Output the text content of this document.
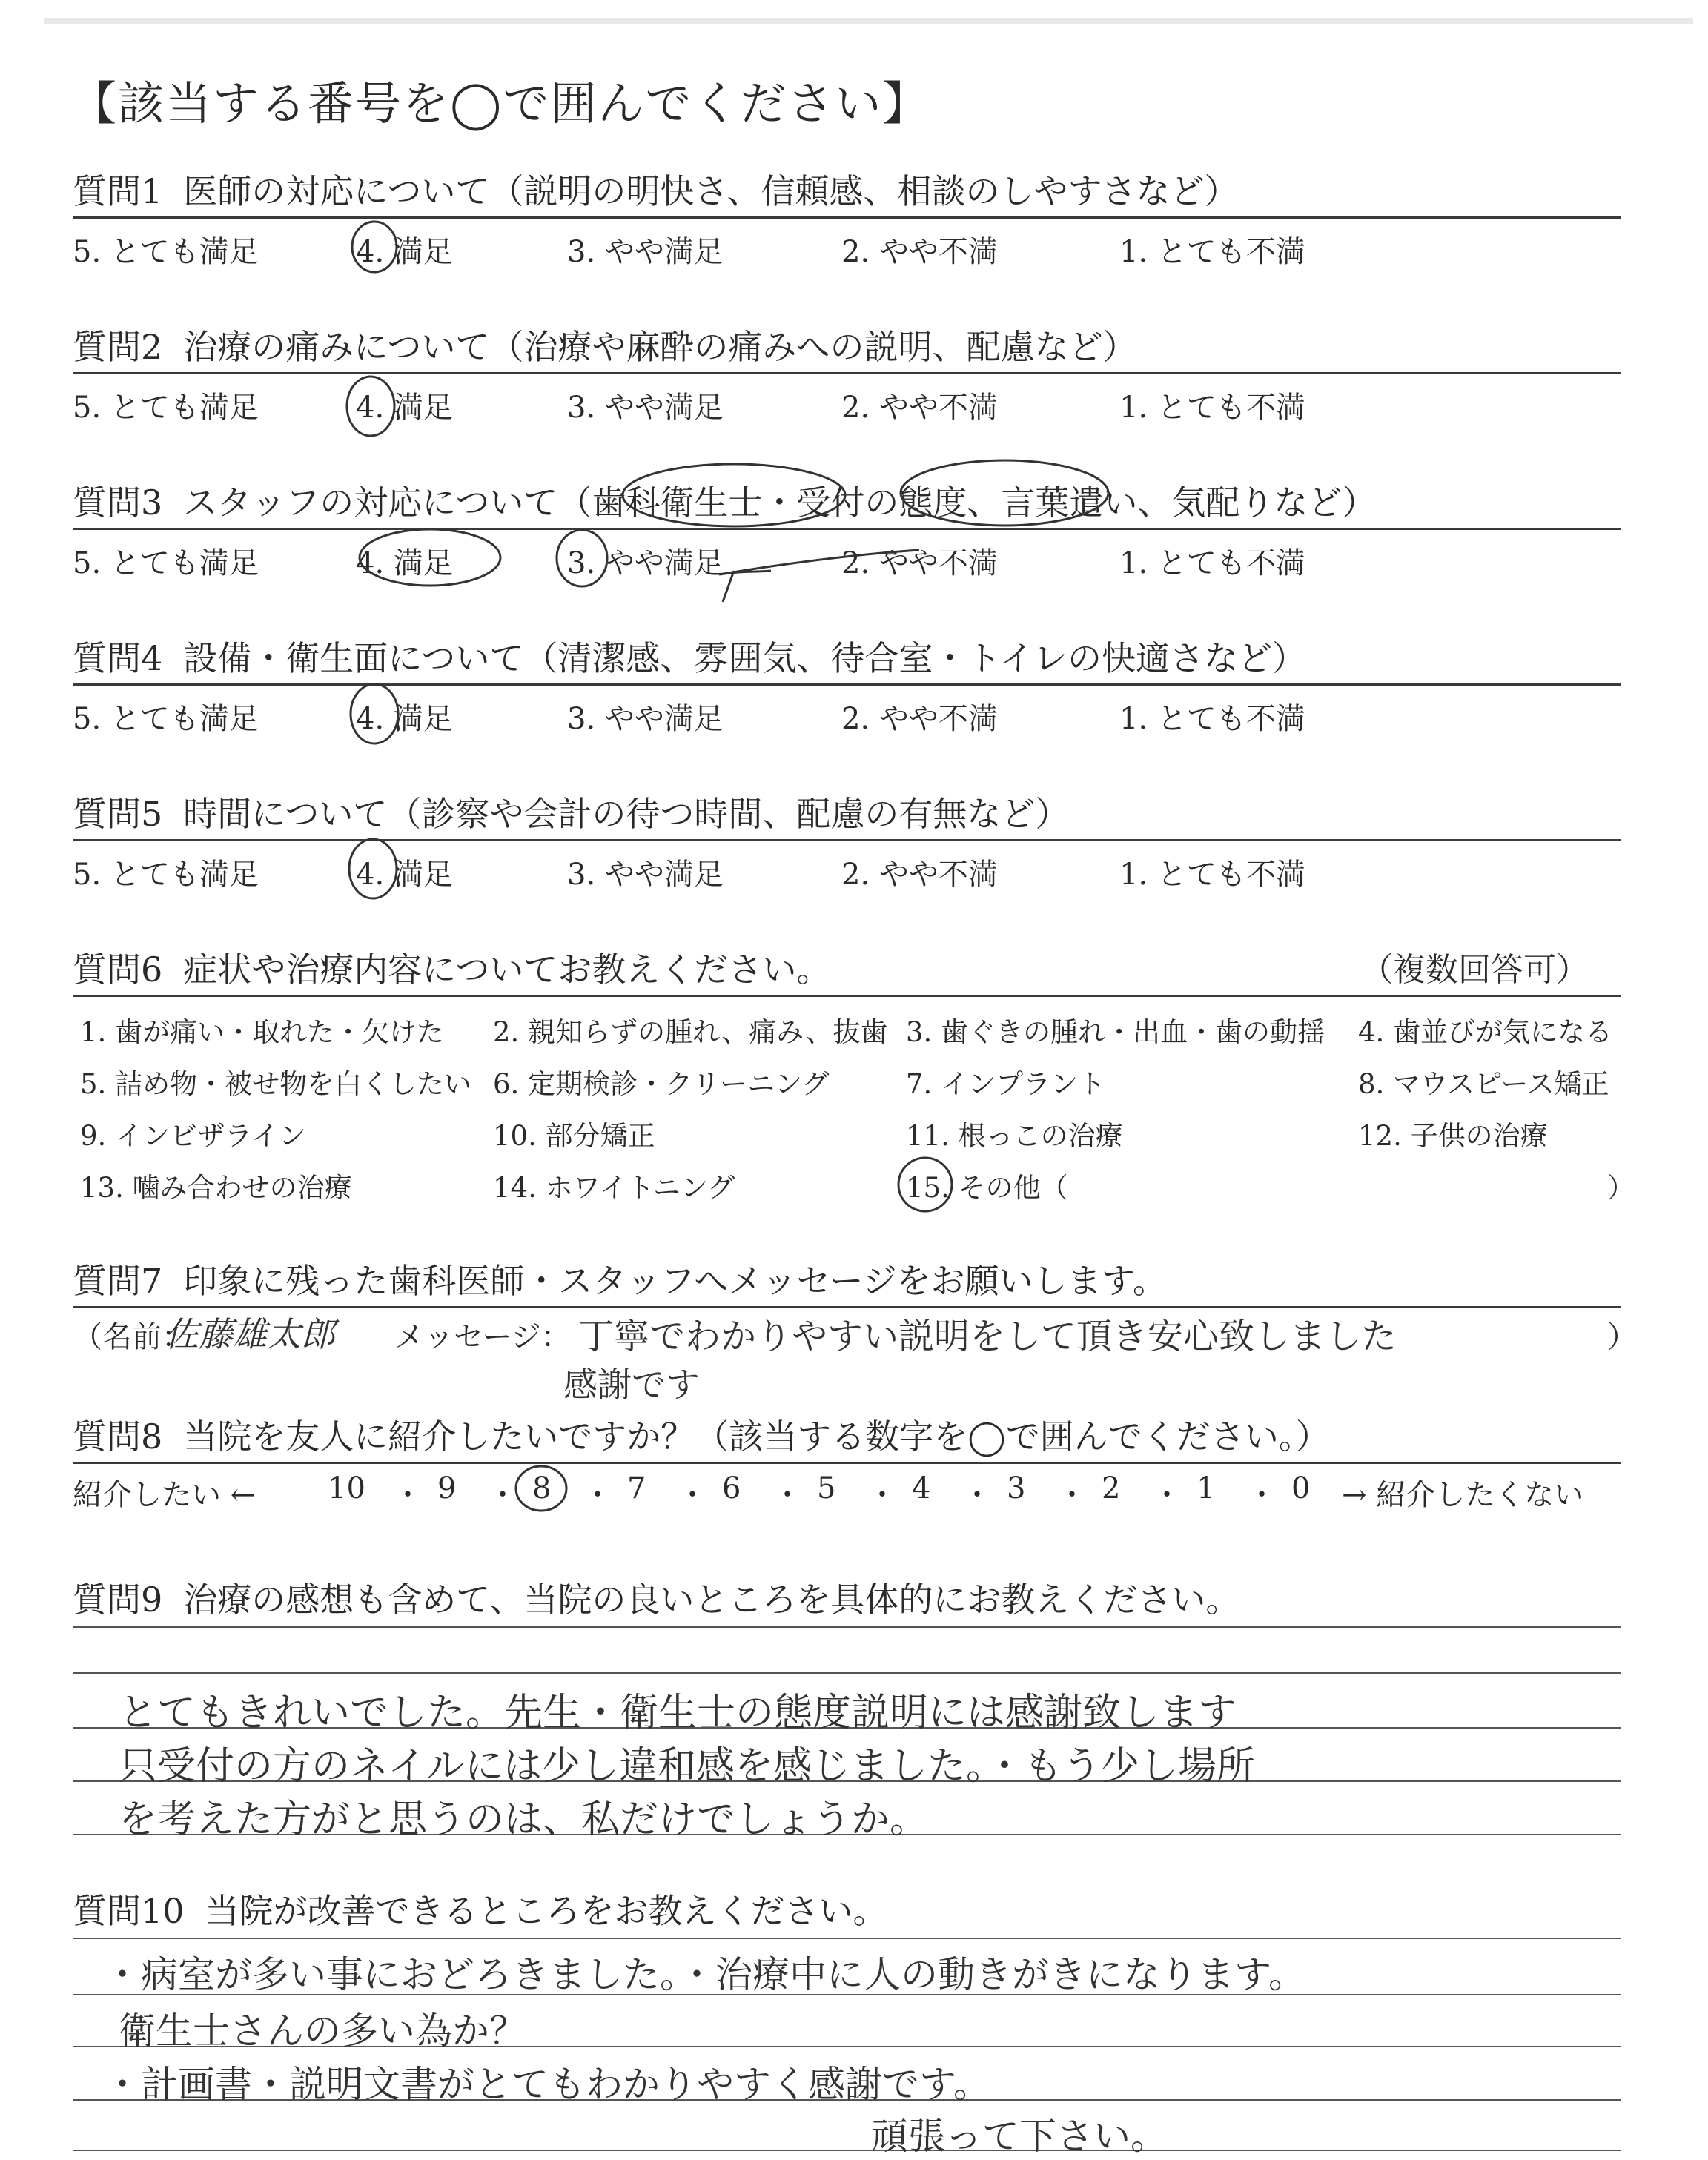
【該当する番号を◯で囲んでください】
質問1 医師の対応について（説明の明快さ、信頼感、相談のしやすさなど）
5. とても満足	4. 満足	3. やや満足	2. やや不満	1. とても不満
質問2 治療の痛みについて（治療や麻酔の痛みへの説明、配慮など）
5. とても満足	4. 満足	3. やや満足	2. やや不満	1. とても不満
質問3 スタッフの対応について（歯科衛生士・受付の態度、言葉遣い、気配りなど）
5. とても満足	4. 満足	3. やや満足	2. やや不満	1. とても不満
質問4 設備・衛生面について（清潔感、雰囲気、待合室・トイレの快適さなど）
5. とても満足	4. 満足	3. やや満足	2. やや不満	1. とても不満
質問5 時間について（診察や会計の待つ時間、配慮の有無など）
5. とても満足	4. 満足	3. やや満足	2. やや不満	1. とても不満
質問6 症状や治療内容についてお教えください。	（複数回答可）
1. 歯が痛い・取れた・欠けた 2. 親知らずの腫れ、痛み、抜歯 3. 歯ぐきの腫れ・出血・歯の動揺 4. 歯並びが気になる
5. 詰め物・被せ物を白くしたい 6. 定期検診・クリーニング	7. インプラント	8. マウスピース矯正
9. インビザライン	10. 部分矯正	11. 根っこの治療	12. 子供の治療
13. 噛み合わせの治療	14. ホワイトニング	15. その他（	）
質問7 印象に残った歯科医師・スタッフへメッセージをお願いします。
（名前：
佐藤雄太郎 メッセージ： 丁寧でわかりやすい説明をして頂き安心致しました	）
感謝です
質問8 当院を友人に紹介したいですか？（該当する数字を◯で囲んでください。）
紹介したい ← 10 ・ 9 ・ 8 ・ 7 ・ 6 ・ 5 ・ 4 ・ 3 ・ 2 ・ 1 ・ 0 → 紹介したくない
質問9 治療の感想も含めて、当院の良いところを具体的にお教えください。
とてもきれいでした。先生・衛生士の態度説明には感謝致します
只受付の方のネイルには少し違和感を感じました。・もう少し場所
を考えた方がと思うのは、私だけでしょうか。
質問10 当院が改善できるところをお教えください。
・病室が多い事におどろきました。・治療中に人の動きがきになります。
衛生士さんの多い為か？
・計画書・説明文書がとてもわかりやすく感謝です。
頑張って下さい。
